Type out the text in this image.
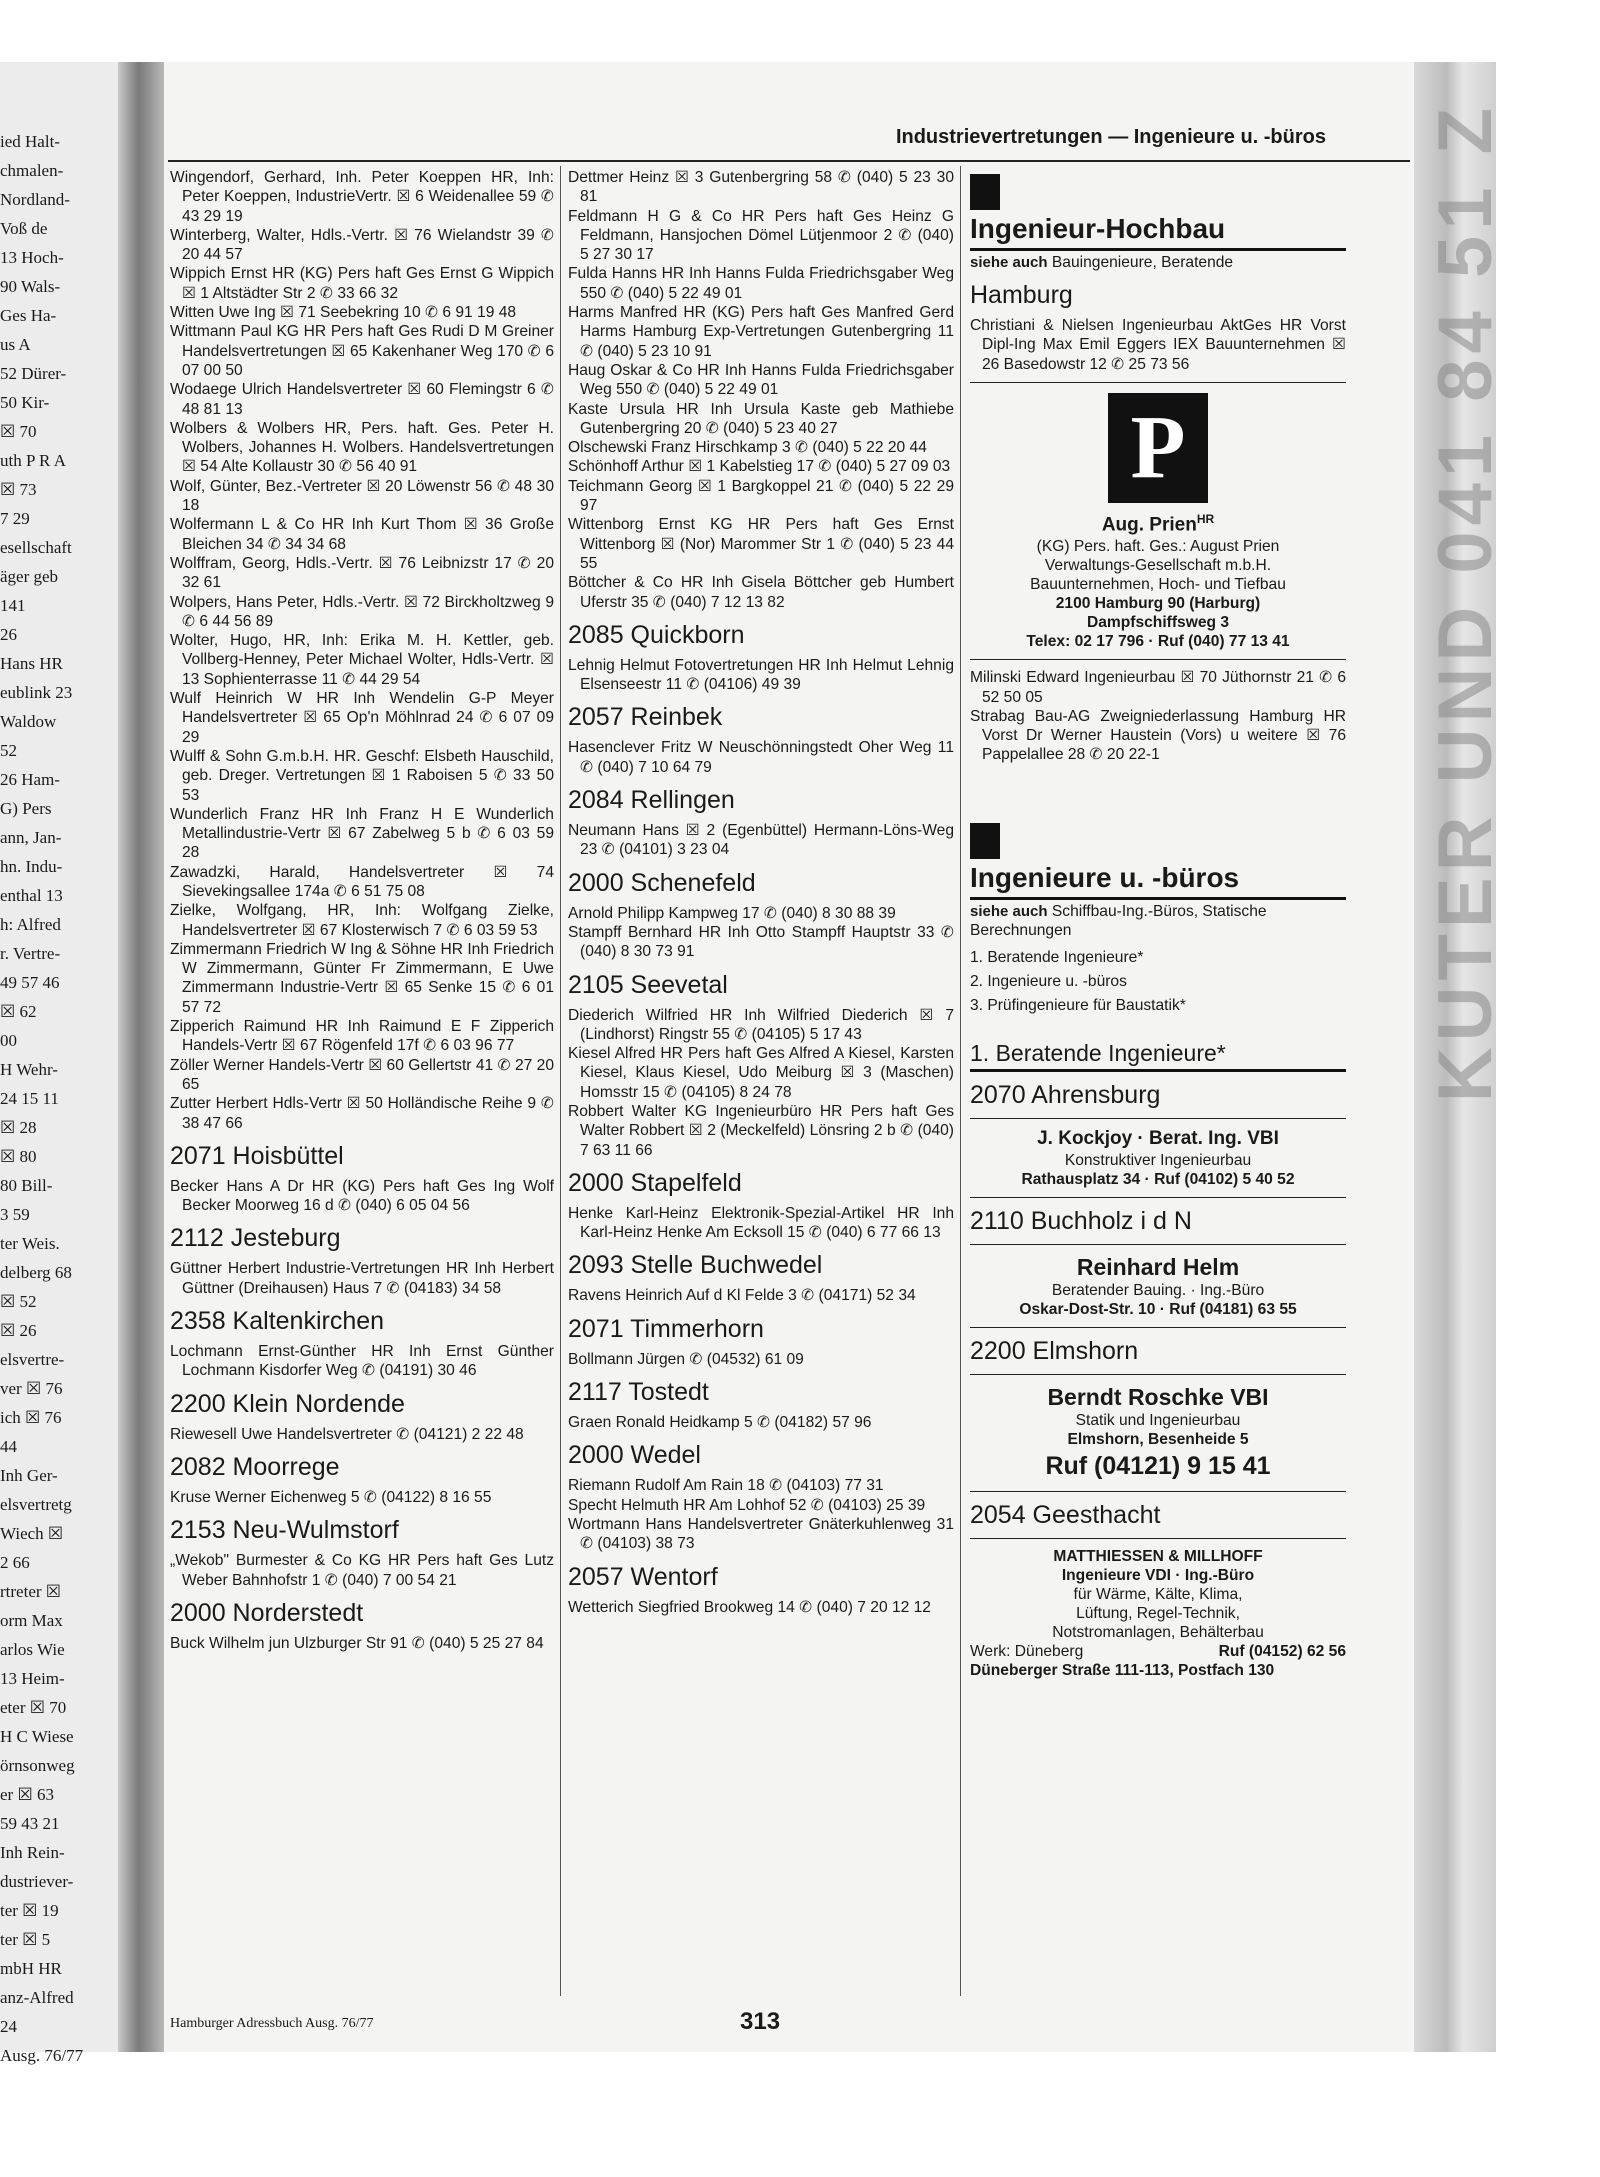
ied Halt-
chmalen-
Nordland-
Voß de
13 Hoch-
90 Wals-
Ges Ha-
us A
52 Dürer-
50 Kir-
☒ 70
uth P R A
☒ 73
7 29
esellschaft
äger geb
141
26
Hans HR
eublink 23
Waldow
52
26 Ham-
G) Pers
ann, Jan-
hn. Indu-
enthal 13
h: Alfred
r. Vertre-
49 57 46
☒ 62
00
H Wehr-
24 15 11
☒ 28
☒ 80
80 Bill-
3 59
ter Weis.
delberg 68
☒ 52
☒ 26
elsvertre-
ver ☒ 76
ich ☒ 76
44
Inh Ger-
elsvertretg
Wiech ☒
2 66
rtreter ☒
orm Max
arlos Wie
13 Heim-
eter ☒ 70
H C Wiese
örnsonweg
er ☒ 63
59 43 21
Inh Rein-
dustriever-
ter ☒ 19
ter ☒ 5
mbH HR
anz-Alfred
24
Ausg. 76/77
Industrievertretungen — Ingenieure u. -büros

Wingendorf, Gerhard, Inh. Peter Koeppen HR, Inh: Peter Koeppen, IndustrieVertr. ☒ 6 Weidenallee 59 ✆ 43 29 19

Winterberg, Walter, Hdls.-Vertr. ☒ 76 Wielandstr 39 ✆ 20 44 57

Wippich Ernst HR (KG) Pers haft Ges Ernst G Wippich ☒ 1 Altstädter Str 2 ✆ 33 66 32

Witten Uwe Ing ☒ 71 Seebekring 10 ✆ 6 91 19 48

Wittmann Paul KG HR Pers haft Ges Rudi D M Greiner Handelsvertretungen ☒ 65 Kakenhaner Weg 170 ✆ 6 07 00 50

Wodaege Ulrich Handelsvertreter ☒ 60 Flemingstr 6 ✆ 48 81 13

Wolbers & Wolbers HR, Pers. haft. Ges. Peter H. Wolbers, Johannes H. Wolbers. Handelsvertretungen ☒ 54 Alte Kollaustr 30 ✆ 56 40 91

Wolf, Günter, Bez.-Vertreter ☒ 20 Löwenstr 56 ✆ 48 30 18

Wolfermann L & Co HR Inh Kurt Thom ☒ 36 Große Bleichen 34 ✆ 34 34 68

Wolffram, Georg, Hdls.-Vertr. ☒ 76 Leibnizstr 17 ✆ 20 32 61

Wolpers, Hans Peter, Hdls.-Vertr. ☒ 72 Birckholtzweg 9 ✆ 6 44 56 89

Wolter, Hugo, HR, Inh: Erika M. H. Kettler, geb. Vollberg-Henney, Peter Michael Wolter, Hdls-Vertr. ☒ 13 Sophienterrasse 11 ✆ 44 29 54

Wulf Heinrich W HR Inh Wendelin G-P Meyer Handelsvertreter ☒ 65 Op'n Möhlnrad 24 ✆ 6 07 09 29

Wulff & Sohn G.m.b.H. HR. Geschf: Elsbeth Hauschild, geb. Dreger. Vertretungen ☒ 1 Raboisen 5 ✆ 33 50 53

Wunderlich Franz HR Inh Franz H E Wunderlich Metallindustrie-Vertr ☒ 67 Zabelweg 5 b ✆ 6 03 59 28

Zawadzki, Harald, Handelsvertreter ☒ 74 Sievekingsallee 174a ✆ 6 51 75 08

Zielke, Wolfgang, HR, Inh: Wolfgang Zielke, Handelsvertreter ☒ 67 Klosterwisch 7 ✆ 6 03 59 53

Zimmermann Friedrich W Ing & Söhne HR Inh Friedrich W Zimmermann, Günter Fr Zimmermann, E Uwe Zimmermann Industrie-Vertr ☒ 65 Senke 15 ✆ 6 01 57 72

Zipperich Raimund HR Inh Raimund E F Zipperich Handels-Vertr ☒ 67 Rögenfeld 17f ✆ 6 03 96 77

Zöller Werner Handels-Vertr ☒ 60 Gellertstr 41 ✆ 27 20 65

Zutter Herbert Hdls-Vertr ☒ 50 Holländische Reihe 9 ✆ 38 47 66

2071 Hoisbüttel

Becker Hans A Dr HR (KG) Pers haft Ges Ing Wolf Becker Moorweg 16 d ✆ (040) 6 05 04 56

2112 Jesteburg

Güttner Herbert Industrie-Vertretungen HR Inh Herbert Güttner (Dreihausen) Haus 7 ✆ (04183) 34 58

2358 Kaltenkirchen

Lochmann Ernst-Günther HR Inh Ernst Günther Lochmann Kisdorfer Weg ✆ (04191) 30 46

2200 Klein Nordende

Riewesell Uwe Handelsvertreter ✆ (04121) 2 22 48

2082 Moorrege

Kruse Werner Eichenweg 5 ✆ (04122) 8 16 55

2153 Neu-Wulmstorf

„Wekob" Burmester & Co KG HR Pers haft Ges Lutz Weber Bahnhofstr 1 ✆ (040) 7 00 54 21

2000 Norderstedt

Buck Wilhelm jun Ulzburger Str 91 ✆ (040) 5 25 27 84

Dettmer Heinz ☒ 3 Gutenbergring 58 ✆ (040) 5 23 30 81

Feldmann H G & Co HR Pers haft Ges Heinz G Feldmann, Hansjochen Dömel Lütjenmoor 2 ✆ (040) 5 27 30 17

Fulda Hanns HR Inh Hanns Fulda Friedrichsgaber Weg 550 ✆ (040) 5 22 49 01

Harms Manfred HR (KG) Pers haft Ges Manfred Gerd Harms Hamburg Exp-Vertretungen Gutenbergring 11 ✆ (040) 5 23 10 91

Haug Oskar & Co HR Inh Hanns Fulda Friedrichsgaber Weg 550 ✆ (040) 5 22 49 01

Kaste Ursula HR Inh Ursula Kaste geb Mathiebe Gutenbergring 20 ✆ (040) 5 23 40 27

Olschewski Franz Hirschkamp 3 ✆ (040) 5 22 20 44

Schönhoff Arthur ☒ 1 Kabelstieg 17 ✆ (040) 5 27 09 03

Teichmann Georg ☒ 1 Bargkoppel 21 ✆ (040) 5 22 29 97

Wittenborg Ernst KG HR Pers haft Ges Ernst Wittenborg ☒ (Nor) Marommer Str 1 ✆ (040) 5 23 44 55

Böttcher & Co HR Inh Gisela Böttcher geb Humbert Uferstr 35 ✆ (040) 7 12 13 82

2085 Quickborn

Lehnig Helmut Fotovertretungen HR Inh Helmut Lehnig Elsenseestr 11 ✆ (04106) 49 39

2057 Reinbek

Hasenclever Fritz W Neuschönningstedt Oher Weg 11 ✆ (040) 7 10 64 79

2084 Rellingen

Neumann Hans ☒ 2 (Egenbüttel) Hermann-Löns-Weg 23 ✆ (04101) 3 23 04

2000 Schenefeld

Arnold Philipp Kampweg 17 ✆ (040) 8 30 88 39

Stampff Bernhard HR Inh Otto Stampff Hauptstr 33 ✆ (040) 8 30 73 91

2105 Seevetal

Diederich Wilfried HR Inh Wilfried Diederich ☒ 7 (Lindhorst) Ringstr 55 ✆ (04105) 5 17 43

Kiesel Alfred HR Pers haft Ges Alfred A Kiesel, Karsten Kiesel, Klaus Kiesel, Udo Meiburg ☒ 3 (Maschen) Homsstr 15 ✆ (04105) 8 24 78

Robbert Walter KG Ingenieurbüro HR Pers haft Ges Walter Robbert ☒ 2 (Meckelfeld) Lönsring 2 b ✆ (040) 7 63 11 66

2000 Stapelfeld

Henke Karl-Heinz Elektronik-Spezial-Artikel HR Inh Karl-Heinz Henke Am Ecksoll 15 ✆ (040) 6 77 66 13

2093 Stelle Buchwedel

Ravens Heinrich Auf d Kl Felde 3 ✆ (04171) 52 34

2071 Timmerhorn

Bollmann Jürgen ✆ (04532) 61 09

2117 Tostedt

Graen Ronald Heidkamp 5 ✆ (04182) 57 96

2000 Wedel

Riemann Rudolf Am Rain 18 ✆ (04103) 77 31

Specht Helmuth HR Am Lohhof 52 ✆ (04103) 25 39

Wortmann Hans Handelsvertreter Gnäterkuhlenweg 31 ✆ (04103) 38 73

2057 Wentorf

Wetterich Siegfried Brookweg 14 ✆ (040) 7 20 12 12

Ingenieur-Hochbau
siehe auch Bauingenieure, Beratende
Hamburg

Christiani & Nielsen Ingenieurbau AktGes HR Vorst Dipl-Ing Max Emil Eggers IEX Bauunternehmen ☒ 26 Basedowstr 12 ✆ 25 73 56

P
Aug. Prien$^{HR}$
(KG) Pers. haft. Ges.: August Prien
Verwaltungs-Gesellschaft m.b.H.
Bauunternehmen, Hoch- und Tiefbau
2100 Hamburg 90 (Harburg)
Dampfschiffsweg 3
Telex: 02 17 796 · Ruf (040) 77 13 41

Milinski Edward Ingenieurbau ☒ 70 Jüthornstr 21 ✆ 6 52 50 05

Strabag Bau-AG Zweigniederlassung Hamburg HR Vorst Dr Werner Haustein (Vors) u weitere ☒ 76 Pappelallee 28 ✆ 20 22-1

Ingenieure u. -büros
siehe auch Schiffbau-Ing.-Büros, Statische Berechnungen
1. Beratende Ingenieure*
2. Ingenieure u. -büros
3. Prüfingenieure für Baustatik*
1. Beratende Ingenieure*
2070 Ahrensburg
J. Kockjoy · Berat. Ing. VBI
Konstruktiver Ingenieurbau
Rathausplatz 34 · Ruf (04102) 5 40 52
2110 Buchholz i d N
Reinhard Helm
Beratender Bauing. · Ing.-Büro
Oskar-Dost-Str. 10 · Ruf (04181) 63 55
2200 Elmshorn
Berndt Roschke VBI
Statik und Ingenieurbau
Elmshorn, Besenheide 5
Ruf (04121) 9 15 41
2054 Geesthacht
MATTHIESSEN & MILLHOFF
Ingenieure VDI · Ing.-Büro
für Wärme, Kälte, Klima,
Lüftung, Regel-Technik,
Notstromanlagen, Behälterbau
Werk: Düneberg	Ruf (04152) 62 56
Düneberger Straße 111-113, Postfach 130
Hamburger Adressbuch Ausg. 76/77	313
KUTER UND 041 84 51 Z
